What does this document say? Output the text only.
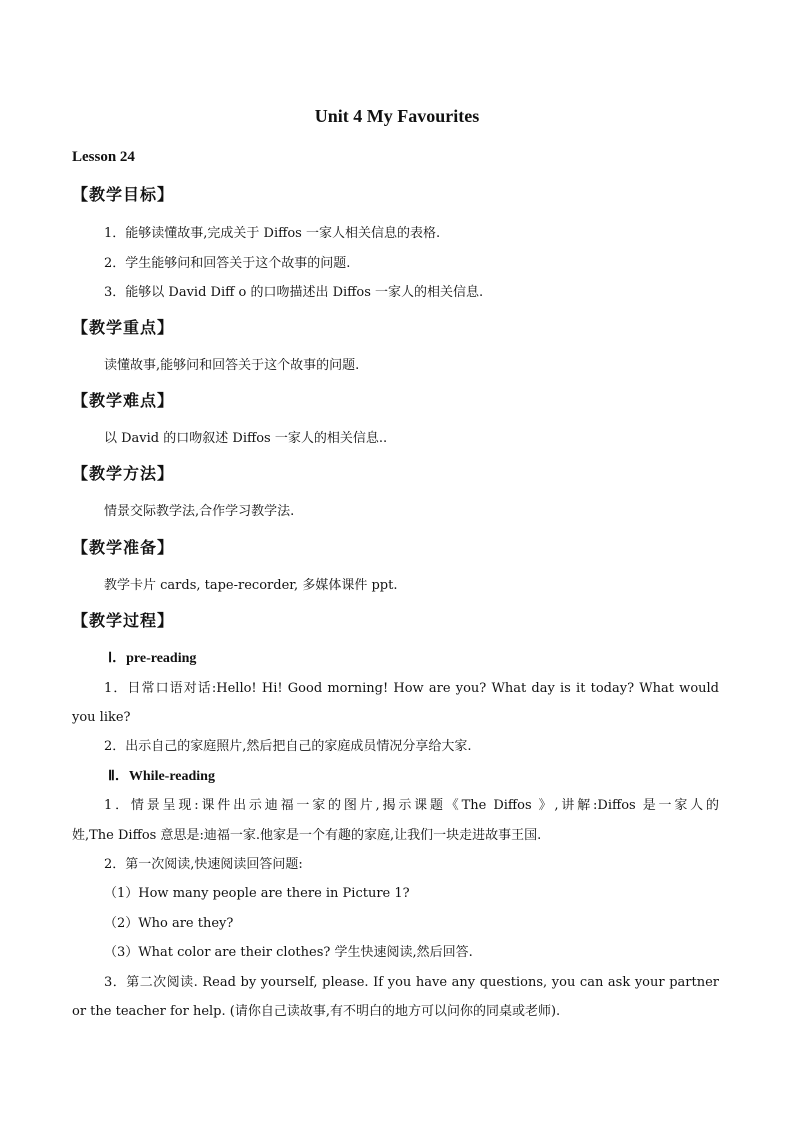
Unit 4 My Favourites
Lesson 24
【教学目标】
1．能够读懂故事,完成关于 Diffos 一家人相关信息的表格.
2．学生能够问和回答关于这个故事的问题.
3．能够以 David Diff o 的口吻描述出 Diffos 一家人的相关信息.
【教学重点】
读懂故事,能够问和回答关于这个故事的问题.
【教学难点】
以 David 的口吻叙述 Diffos 一家人的相关信息..
【教学方法】
情景交际教学法,合作学习教学法.
【教学准备】
教学卡片 cards, tape-recorder, 多媒体课件 ppt.
【教学过程】
Ⅰ．pre-reading
1．日常口语对话:Hello! Hi! Good morning! How are you? What day is it today? What would
you like?
2．出示自己的家庭照片,然后把自己的家庭成员情况分享给大家.
Ⅱ．While-reading
1．情景呈现:课件出示迪福一家的图片,揭示课题《The Diffos 》,讲解:Diffos 是一家人的
姓,The Diffos 意思是:迪福一家.他家是一个有趣的家庭,让我们一块走进故事王国.
2．第一次阅读,快速阅读回答问题:
（1）How many people are there in Picture 1?
（2）Who are they?
（3）What color are their clothes? 学生快速阅读,然后回答.
3．第二次阅读. Read by yourself, please. If you have any questions, you can ask your partner
or the teacher for help. (请你自己读故事,有不明白的地方可以问你的同桌或老师).
